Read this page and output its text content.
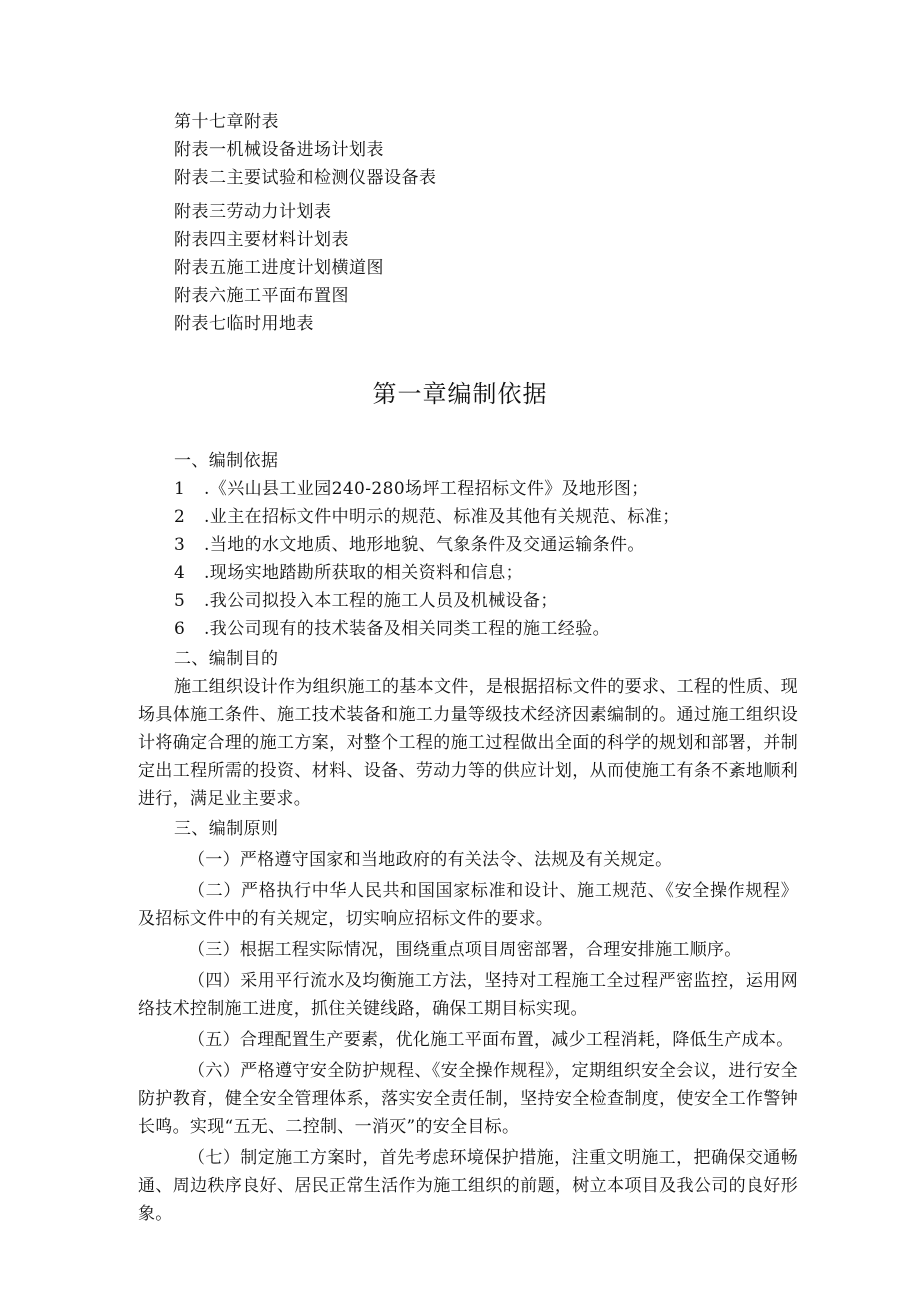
第十七章附表
附表一机械设备进场计划表
附表二主要试验和检测仪器设备表
附表三劳动力计划表
附表四主要材料计划表
附表五施工进度计划横道图
附表六施工平面布置图
附表七临时用地表
第一章编制依据
一、编制依据
1 .《兴山县工业园240-280场坪工程招标文件》及地形图；
2 .业主在招标文件中明示的规范、标准及其他有关规范、标准；
3 .当地的水文地质、地形地貌、气象条件及交通运输条件。
4 .现场实地踏勘所获取的相关资料和信息；
5 .我公司拟投入本工程的施工人员及机械设备；
6 .我公司现有的技术装备及相关同类工程的施工经验。
二、编制目的

施工组织设计作为组织施工的基本文件，是根据招标文件的要求、工程的性质、现场具体施工条件、施工技术装备和施工力量等级技术经济因素编制的。通过施工组织设计将确定合理的施工方案，对整个工程的施工过程做出全面的科学的规划和部署，并制定出工程所需的投资、材料、设备、劳动力等的供应计划，从而使施工有条不紊地顺利进行，满足业主要求。

三、编制原则

（一）严格遵守国家和当地政府的有关法令、法规及有关规定。

（二）严格执行中华人民共和国国家标准和设计、施工规范、《安全操作规程》及招标文件中的有关规定，切实响应招标文件的要求。

（三）根据工程实际情况，围绕重点项目周密部署，合理安排施工顺序。

（四）采用平行流水及均衡施工方法，坚持对工程施工全过程严密监控，运用网络技术控制施工进度，抓住关键线路，确保工期目标实现。

（五）合理配置生产要素，优化施工平面布置，减少工程消耗，降低生产成本。

（六）严格遵守安全防护规程、《安全操作规程》，定期组织安全会议，进行安全防护教育，健全安全管理体系，落实安全责任制，坚持安全检查制度，使安全工作警钟长鸣。实现“五无、二控制、一消灭”的安全目标。

（七）制定施工方案时，首先考虑环境保护措施，注重文明施工，把确保交通畅通、周边秩序良好、居民正常生活作为施工组织的前题，树立本项目及我公司的良好形象。
